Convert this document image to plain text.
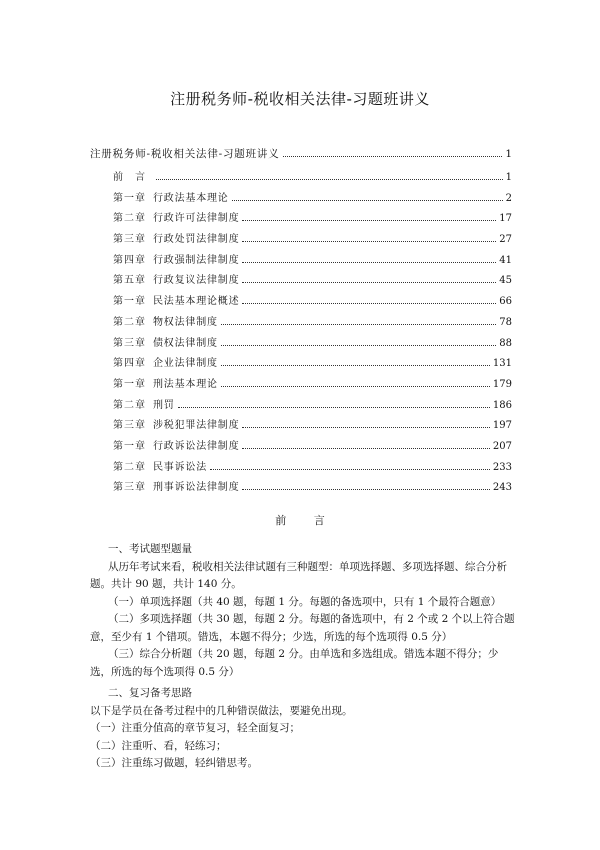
注册税务师-税收相关法律-习题班讲义
注册税务师-税收相关法律-习题班讲义	1
前　言	1
第一章 行政法基本理论	2
第二章 行政许可法律制度	17
第三章 行政处罚法律制度	27
第四章 行政强制法律制度	41
第五章 行政复议法律制度	45
第一章 民法基本理论概述	66
第二章 物权法律制度	78
第三章 债权法律制度	88
第四章 企业法律制度	131
第一章 刑法基本理论	179
第二章 刑罚	186
第三章 涉税犯罪法律制度	197
第一章 行政诉讼法律制度	207
第二章 民事诉讼法	233
第三章 刑事诉讼法律制度	243
前 言

一、考试题型题量

从历年考试来看，税收相关法律试题有三种题型：单项选择题、多项选择题、综合分析题。共计 90 题，共计 140 分。

（一）单项选择题（共 40 题，每题 1 分。每题的备选项中，只有 1 个最符合题意）

（二）多项选择题（共 30 题，每题 2 分。每题的备选项中，有 2 个或 2 个以上符合题意，至少有 1 个错项。错选，本题不得分；少选，所选的每个选项得 0.5 分）

（三）综合分析题（共 20 题，每题 2 分。由单选和多选组成。错选本题不得分；少选，所选的每个选项得 0.5 分）

二、复习备考思路

以下是学员在备考过程中的几种错误做法，要避免出现。

（一）注重分值高的章节复习，轻全面复习；

（二）注重听、看，轻练习；

（三）注重练习做题，轻纠错思考。
